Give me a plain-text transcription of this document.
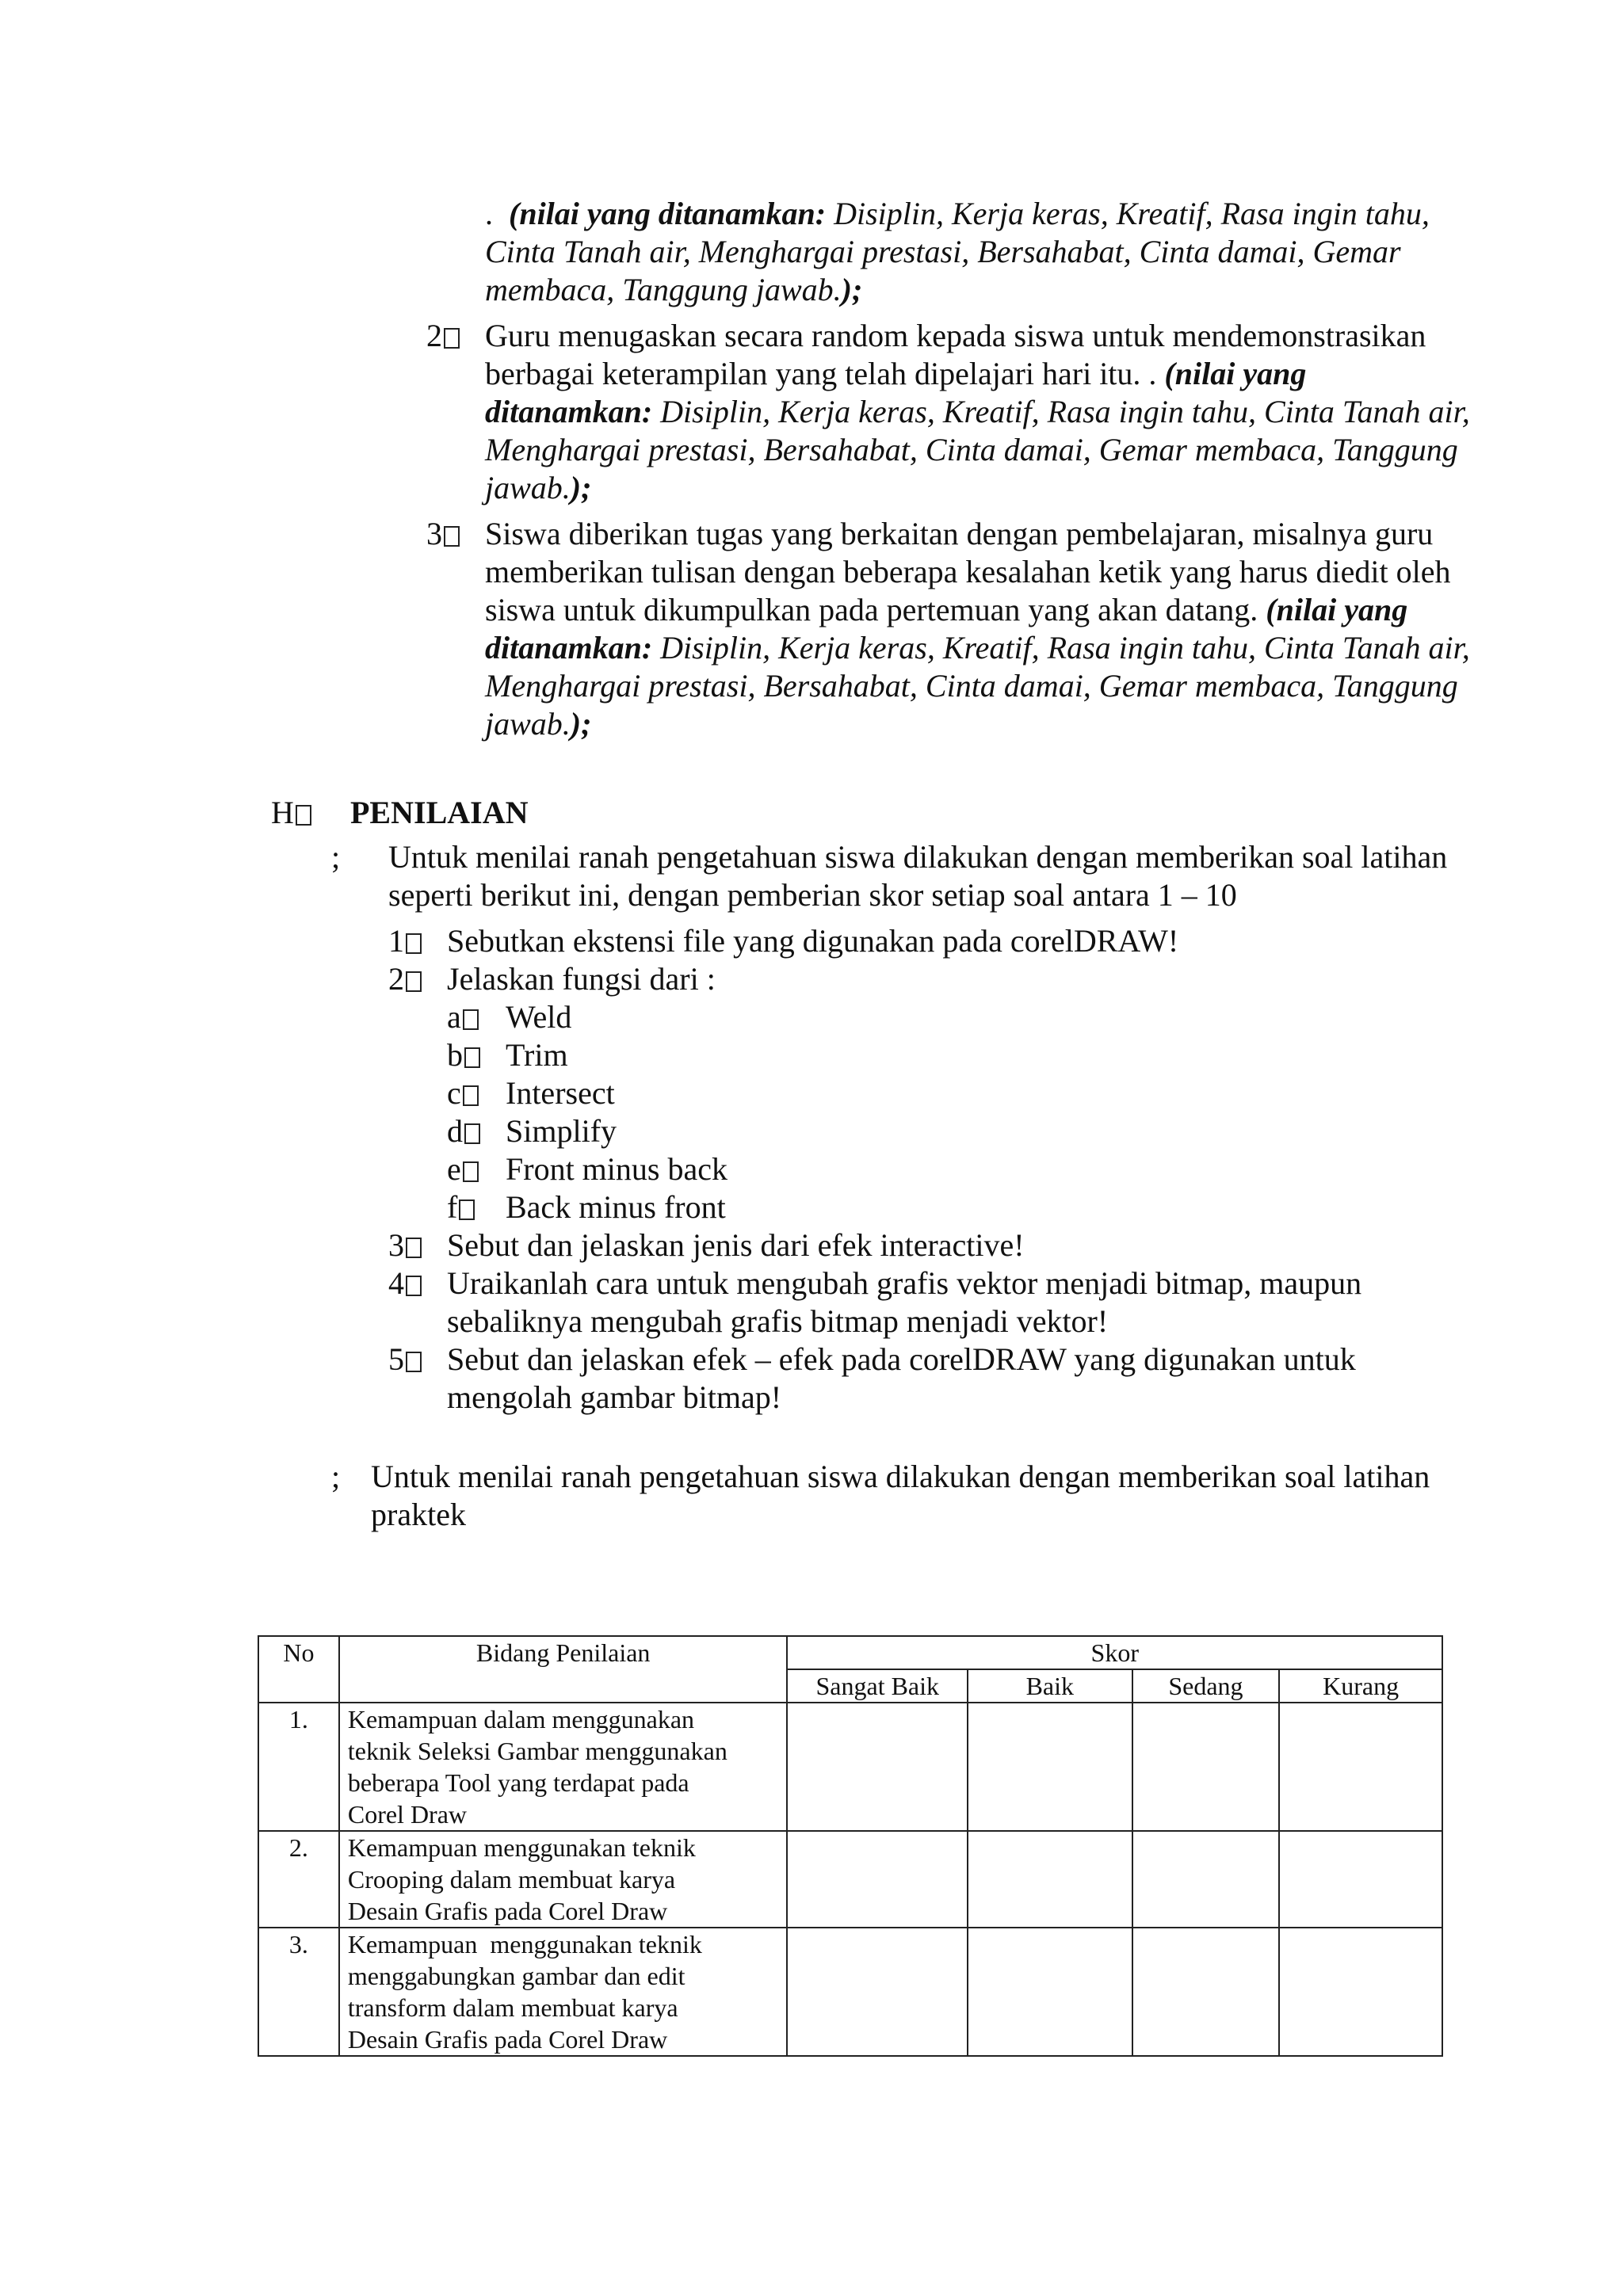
. (nilai yang ditanamkan: Disiplin, Kerja keras, Kreatif, Rasa ingin tahu,
Cinta Tanah air, Menghargai prestasi, Bersahabat, Cinta damai, Gemar
membaca, Tanggung jawab.);
2	Guru menugaskan secara random kepada siswa untuk mendemonstrasikan
berbagai keterampilan yang telah dipelajari hari itu. . (nilai yang
ditanamkan: Disiplin, Kerja keras, Kreatif, Rasa ingin tahu, Cinta Tanah air,
Menghargai prestasi, Bersahabat, Cinta damai, Gemar membaca, Tanggung
jawab.);
3	Siswa diberikan tugas yang berkaitan dengan pembelajaran, misalnya guru
memberikan tulisan dengan beberapa kesalahan ketik yang harus diedit oleh
siswa untuk dikumpulkan pada pertemuan yang akan datang. (nilai yang
ditanamkan: Disiplin, Kerja keras, Kreatif, Rasa ingin tahu, Cinta Tanah air,
Menghargai prestasi, Bersahabat, Cinta damai, Gemar membaca, Tanggung
jawab.);
H	PENILAIAN
; Untuk menilai ranah pengetahuan siswa dilakukan dengan memberikan soal latihan
seperti berikut ini, dengan pemberian skor setiap soal antara 1 – 10
1	Sebutkan ekstensi file yang digunakan pada corelDRAW!
2	Jelaskan fungsi dari :
a	Weld
b	Trim
c	Intersect
d	Simplify
e	Front minus back
f	Back minus front
3	Sebut dan jelaskan jenis dari efek interactive!
4	Uraikanlah cara untuk mengubah grafis vektor menjadi bitmap, maupun
sebaliknya mengubah grafis bitmap menjadi vektor!
5	Sebut dan jelaskan efek – efek pada corelDRAW yang digunakan untuk
mengolah gambar bitmap!
; Untuk menilai ranah pengetahuan siswa dilakukan dengan memberikan soal latihan
praktek
No	Bidang Penilaian	Skor			
		Sangat Baik	Baik	Sedang	Kurang
1.	Kemampuan dalam menggunakan
teknik Seleksi Gambar menggunakan
beberapa Tool yang terdapat pada
Corel Draw				

2.	Kemampuan menggunakan teknik
Crooping dalam membuat karya
Desain Grafis pada Corel Draw				

3.	Kemampuan  menggunakan teknik
menggabungkan gambar dan edit
transform dalam membuat karya
Desain Grafis pada Corel Draw				
